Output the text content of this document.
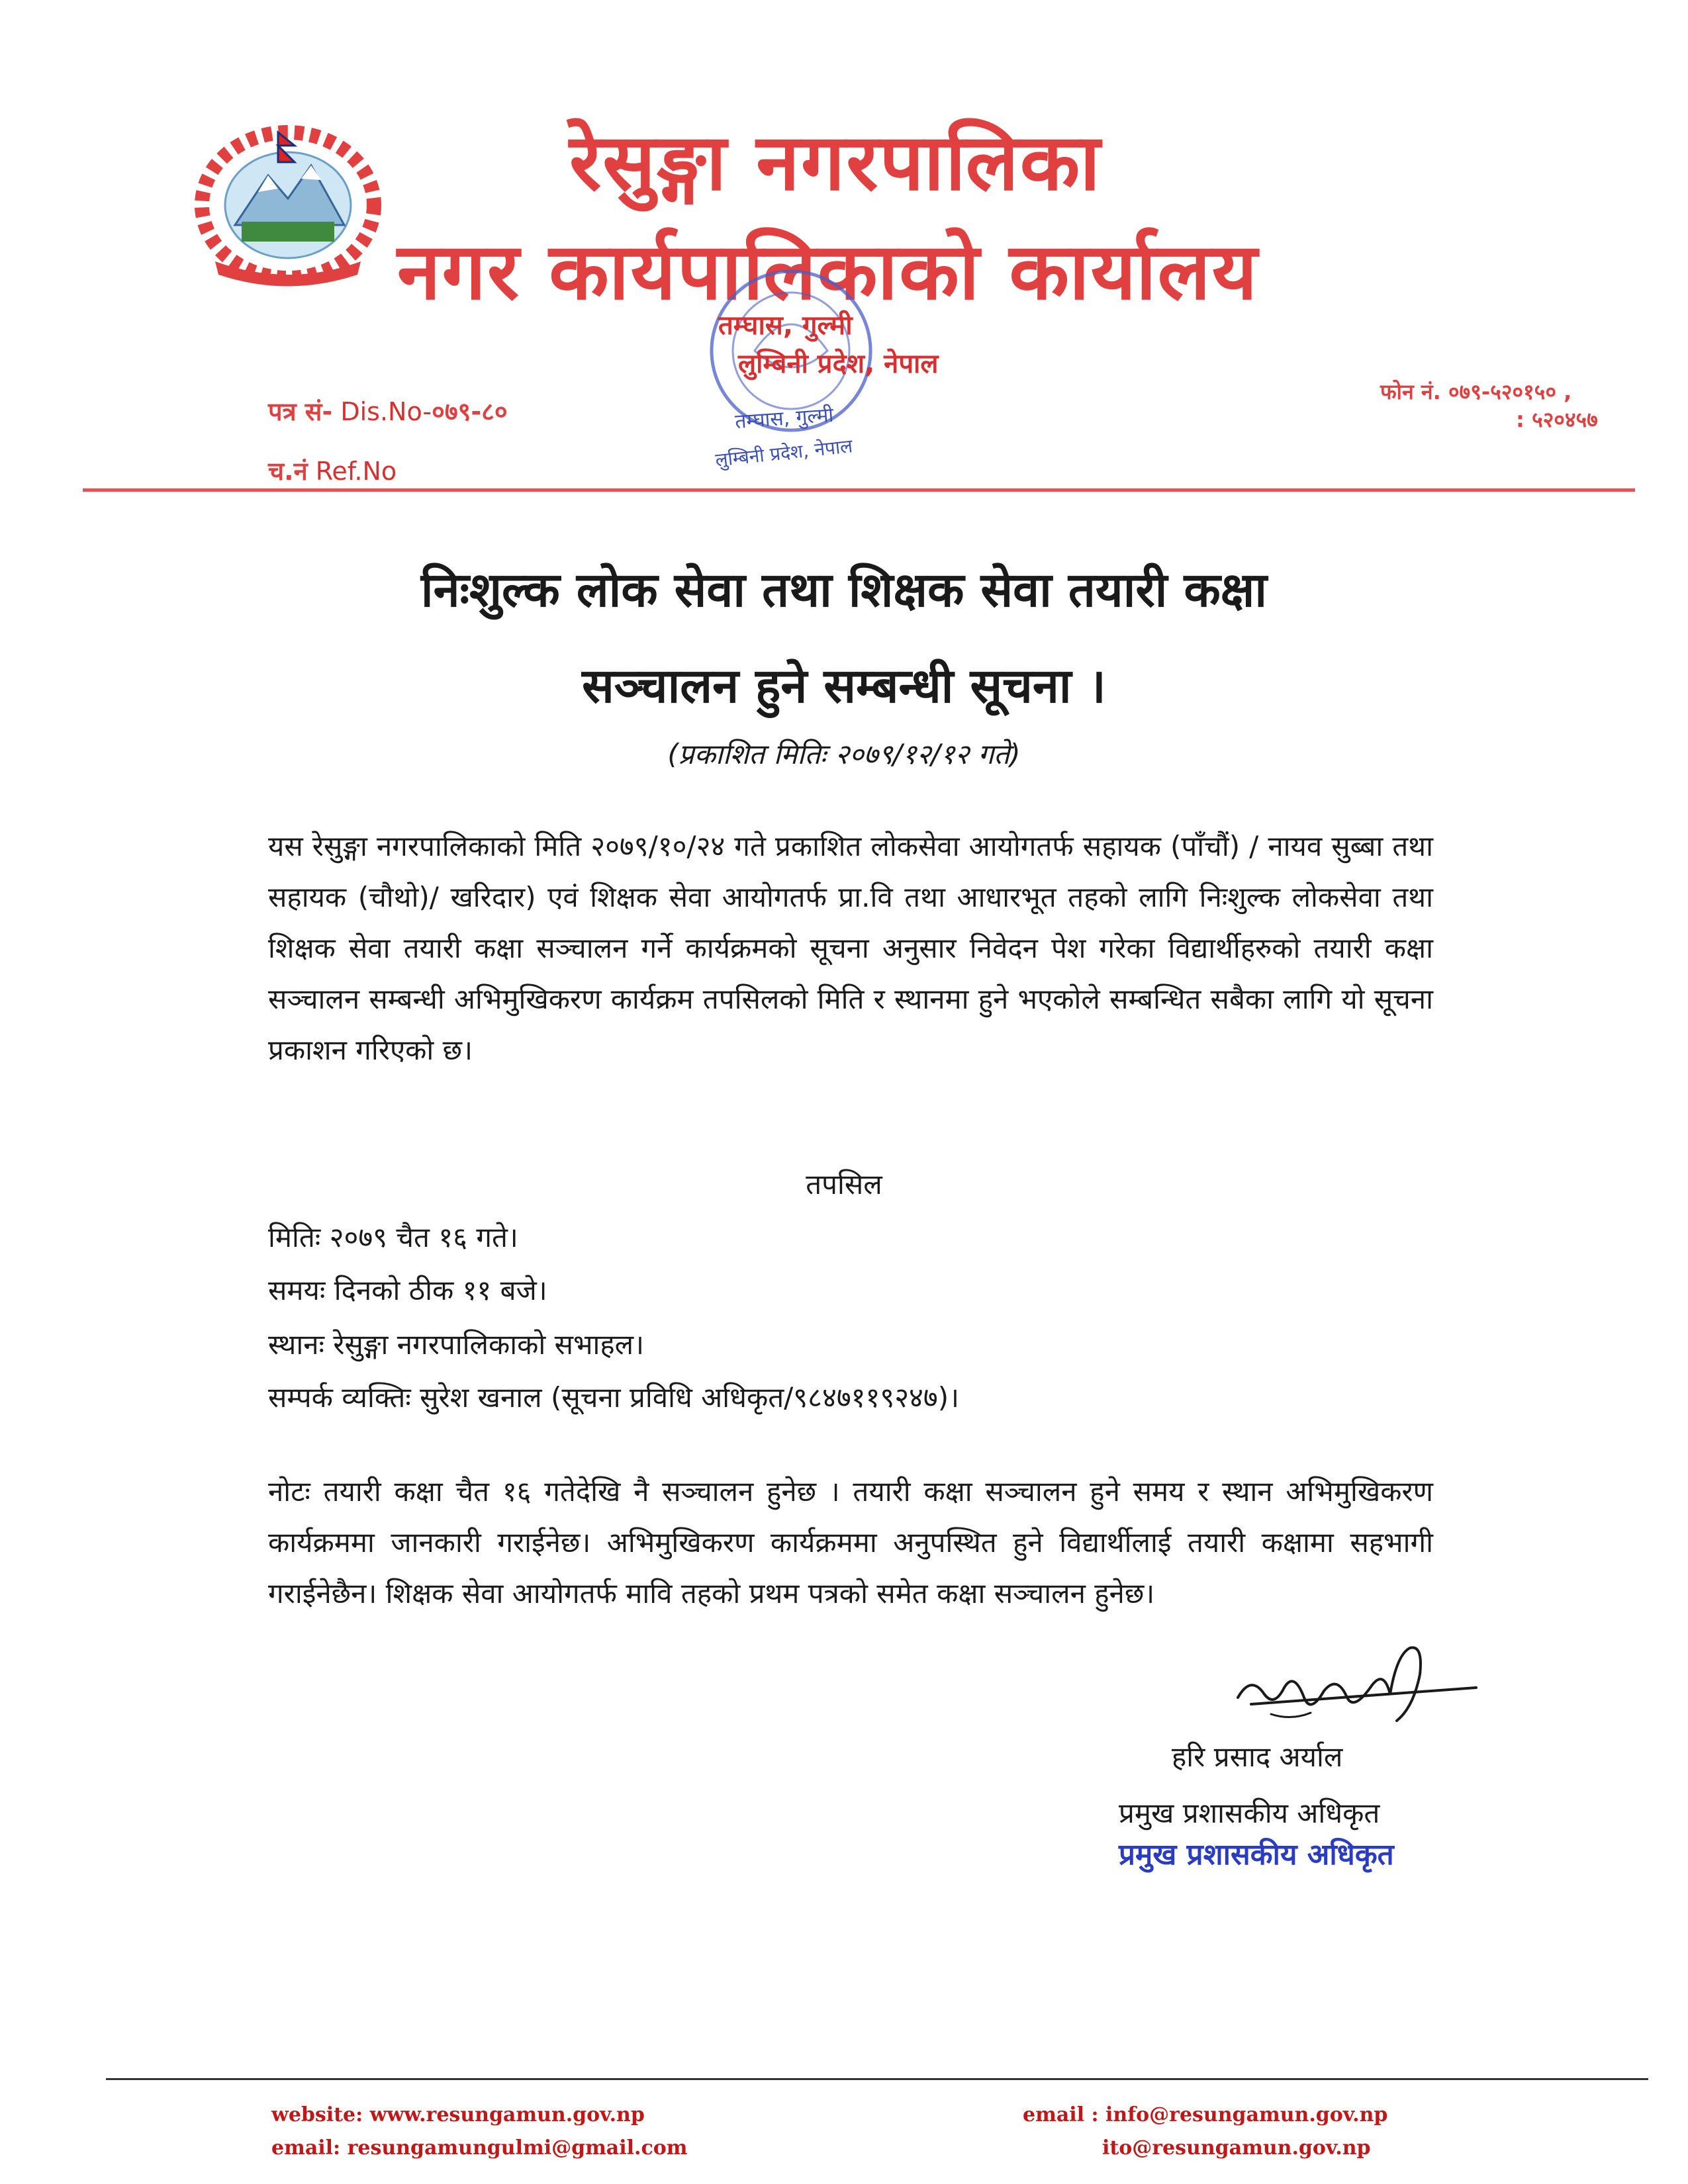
रेसुङ्गा नगरपालिका
नगर कार्यपालिकाको कार्यालय
तम्घास, गुल्मी
लुम्बिनी प्रदेश, नेपाल
तम्घास, गुल्मी
लुम्बिनी प्रदेश, नेपाल
पत्र सं- Dis.No-०७९-८०
च.नं Ref.No
फोन नं. ०७९-५२०१५० ,
: ५२०४५७
निःशुल्क लोक सेवा तथा शिक्षक सेवा तयारी कक्षा
सञ्चालन हुने सम्बन्धी सूचना ।
(प्रकाशित मितिः २०७९/१२/१२ गते)
यस रेसुङ्गा नगरपालिकाको मिति २०७९/१०/२४ गते प्रकाशित लोकसेवा आयोगतर्फ सहायक (पाँचौं) / नायव सुब्बा तथा सहायक (चौथो)/ खरिदार) एवं शिक्षक सेवा आयोगतर्फ प्रा.वि तथा आधारभूत तहको लागि निःशुल्क लोकसेवा तथा शिक्षक सेवा तयारी कक्षा सञ्चालन गर्ने कार्यक्रमको सूचना अनुसार निवेदन पेश गरेका विद्यार्थीहरुको तयारी कक्षा सञ्चालन सम्बन्धी अभिमुखिकरण कार्यक्रम तपसिलको मिति र स्थानमा हुने भएकोले सम्बन्धित सबैका लागि यो सूचना प्रकाशन गरिएको छ।
तपसिल
मितिः २०७९ चैत १६ गते।
समयः दिनको ठीक ११ बजे।
स्थानः रेसुङ्गा नगरपालिकाको सभाहल।
सम्पर्क व्यक्तिः सुरेश खनाल (सूचना प्रविधि अधिकृत/९८४७११९२४७)।
नोटः तयारी कक्षा चैत १६ गतेदेखि नै सञ्चालन हुनेछ । तयारी कक्षा सञ्चालन हुने समय र स्थान अभिमुखिकरण कार्यक्रममा जानकारी गराईनेछ। अभिमुखिकरण कार्यक्रममा अनुपस्थित हुने विद्यार्थीलाई तयारी कक्षामा सहभागी गराईनेछैन। शिक्षक सेवा आयोगतर्फ मावि तहको प्रथम पत्रको समेत कक्षा सञ्चालन हुनेछ।
हरि प्रसाद अर्याल
प्रमुख प्रशासकीय अधिकृत
प्रमुख प्रशासकीय अधिकृत
website: www.resungamun.gov.np
email: resungamungulmi@gmail.com
email : info@resungamun.gov.np
ito@resungamun.gov.np
